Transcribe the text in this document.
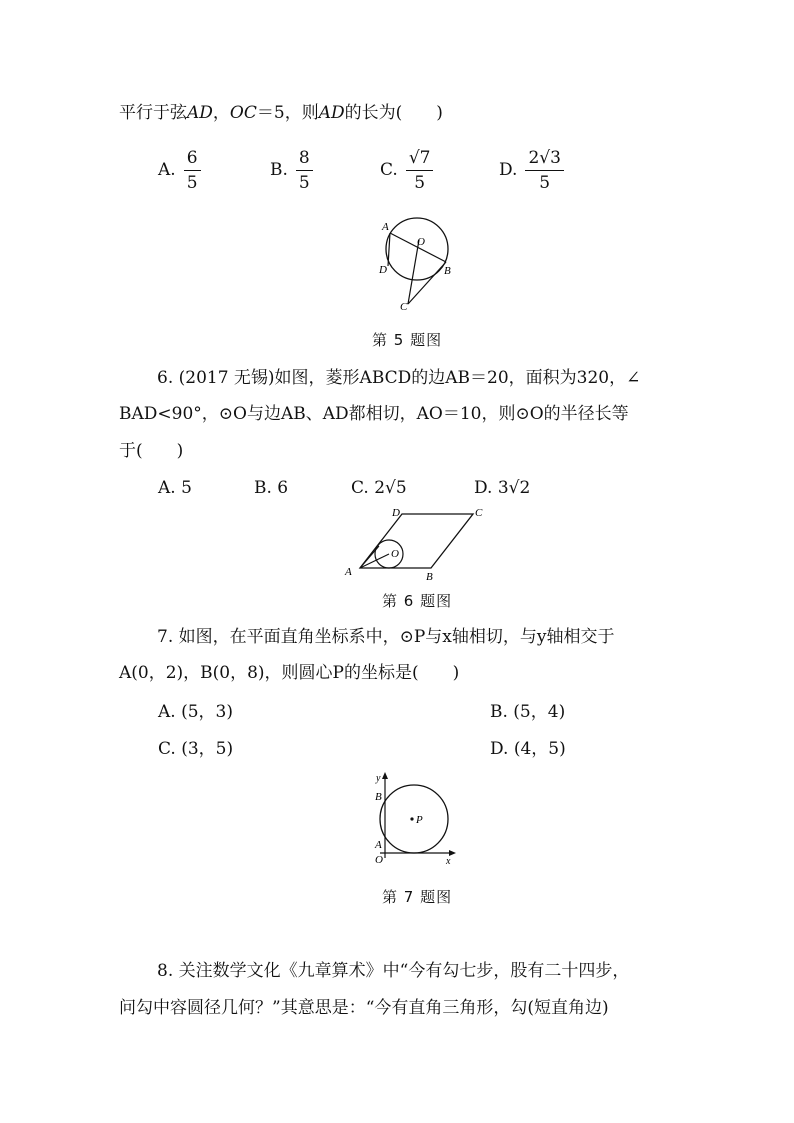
平行于弦AD，OC＝5，则AD的长为(　　)
A. $\frac{6}{5}$	B. $\frac{8}{5}$	C. $\frac{√7}{5}$	D. $\frac{2√3}{5}$
A
O
D	B
C
第 5 题图
6. (2017 无锡)如图，菱形ABCD的边AB＝20，面积为320，∠
BAD<90°，⊙O与边AB、AD都相切，AO＝10，则⊙O的半径长等
于(　　)
A. 5	B. 6	C. 2√5	D. 3√2
A	B
C
D
O
第 6 题图
7. 如图，在平面直角坐标系中，⊙P与x轴相切，与y轴相交于
A(0，2)，B(0，8)，则圆心P的坐标是(　　)
A. (5，3)	B. (5，4)
C. (3，5)	D. (4，5)
y
x
B
P
A
O
第 7 题图
8. 关注数学文化《九章算术》中“今有勾七步，股有二十四步，
问勾中容圆径几何？”其意思是：“今有直角三角形，勾(短直角边)
